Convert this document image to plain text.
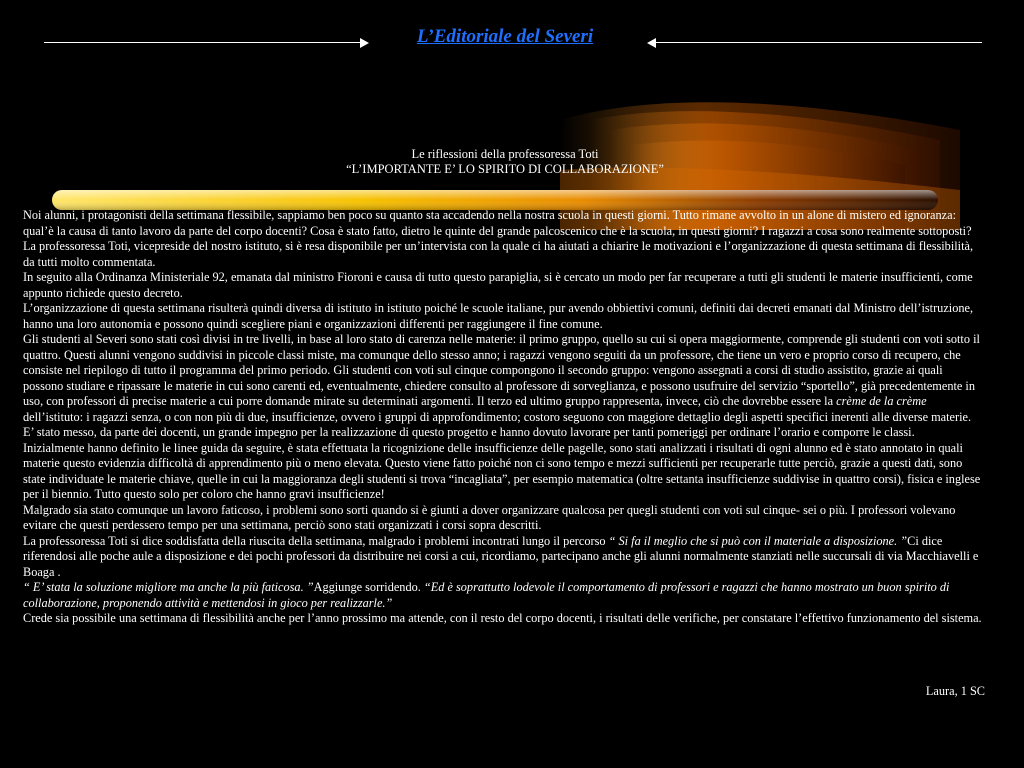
L’Editoriale del Severi
Le riflessioni della professoressa Toti
“L’IMPORTANTE E’ LO SPIRITO DI COLLABORAZIONE”

Noi alunni, i protagonisti della settimana flessibile, sappiamo ben poco su quanto sta accadendo nella nostra scuola in questi giorni. Tutto rimane avvolto in un alone di mistero ed ignoranza: qual’è la causa di tanto lavoro da parte del corpo docenti? Cosa è stato fatto, dietro le quinte del grande palcoscenico che è la scuola, in questi giorni? I ragazzi a cosa sono realmente sottoposti?

La professoressa Toti, vicepreside del nostro istituto, si è resa disponibile per un’intervista con la quale ci ha aiutati a chiarire le motivazioni e l’organizzazione di questa settimana di flessibilità, da tutti molto commentata.

In seguito alla Ordinanza Ministeriale 92, emanata dal ministro Fioroni e causa di tutto questo parapiglia, si è cercato un modo per far recuperare a tutti gli studenti le materie insufficienti, come appunto richiede questo decreto.

L’organizzazione di questa settimana risulterà quindi diversa di istituto in istituto poiché le scuole italiane, pur avendo obbiettivi comuni, definiti dai decreti emanati dal Ministro dell’istruzione, hanno una loro autonomia e possono quindi scegliere piani e organizzazioni differenti per raggiungere il fine comune.

Gli studenti al Severi sono stati così divisi in tre livelli, in base al loro stato di carenza nelle materie: il primo gruppo, quello su cui si opera maggiormente, comprende gli studenti con voti sotto il quattro. Questi alunni vengono suddivisi in piccole classi miste, ma comunque dello stesso anno; i ragazzi vengono seguiti da un professore, che tiene un vero e proprio corso di recupero, che consiste nel riepilogo di tutto il programma del primo periodo. Gli studenti con voti sul cinque compongono il secondo gruppo: vengono assegnati a corsi di studio assistito, grazie ai quali possono studiare e ripassare le materie in cui sono carenti ed, eventualmente, chiedere consulto al professore di sorveglianza, e possono usufruire del servizio “sportello”, già precedentemente in uso, con professori di precise materie a cui porre domande mirate su determinati argomenti. Il terzo ed ultimo gruppo rappresenta, invece, ciò che dovrebbe essere la crème de la crème dell’istituto: i ragazzi senza, o con non più di due, insufficienze, ovvero i gruppi di approfondimento; costoro seguono con maggiore dettaglio degli aspetti specifici inerenti alle diverse materie.

E’ stato messo, da parte dei docenti, un grande impegno per la realizzazione di questo progetto e hanno dovuto lavorare per tanti pomeriggi per ordinare l’orario e comporre le classi.

Inizialmente hanno definito le linee guida da seguire, è stata effettuata la ricognizione delle insufficienze delle pagelle, sono stati analizzati i risultati di ogni alunno ed è stato annotato in quali materie questo evidenzia difficoltà di apprendimento più o meno elevata. Questo viene fatto poiché non ci sono tempo e mezzi sufficienti per recuperarle tutte perciò, grazie a questi dati, sono state individuate le materie chiave, quelle in cui la maggioranza degli studenti si trova “incagliata”, per esempio matematica (oltre settanta insufficienze suddivise in quattro corsi), fisica e inglese per il biennio. Tutto questo solo per coloro che hanno gravi insufficienze!

Malgrado sia stato comunque un lavoro faticoso, i problemi sono sorti quando si è giunti a dover organizzare qualcosa per quegli studenti con voti sul cinque- sei o più. I professori volevano evitare che questi perdessero tempo per una settimana, perciò sono stati organizzati i corsi sopra descritti.

La professoressa Toti si dice soddisfatta della riuscita della settimana, malgrado i problemi incontrati lungo il percorso “ Si fa il meglio che si può con il materiale a disposizione. ”Ci dice riferendosi alle poche aule a disposizione e dei pochi professori da distribuire nei corsi a cui, ricordiamo, partecipano anche gli alunni normalmente stanziati nelle succursali di via Macchiavelli e Boaga .

“ E’ stata la soluzione migliore ma anche la più faticosa. ”Aggiunge sorridendo. “Ed è soprattutto lodevole il comportamento di professori e ragazzi che hanno mostrato un buon spirito di collaborazione, proponendo attività e mettendosi in gioco per realizzarle.”

Crede sia possibile una settimana di flessibilità anche per l’anno prossimo ma attende, con il resto del corpo docenti, i risultati delle verifiche, per constatare l’effettivo funzionamento del sistema.

Laura, 1 SC
